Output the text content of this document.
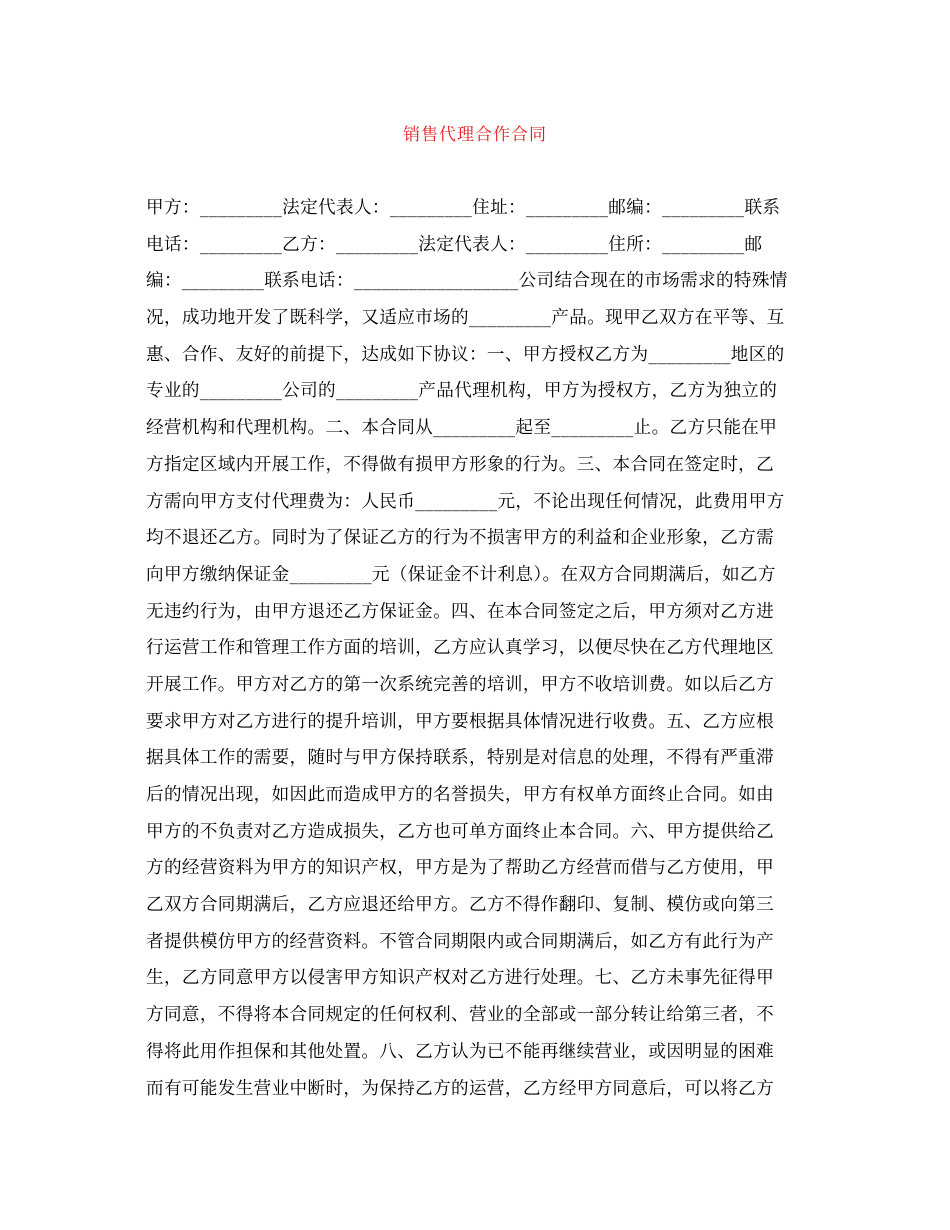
销售代理合作合同
甲方：_________法定代表人：_________住址：_________邮编：_________联系
电话：_________乙方：_________法定代表人：_________住所：_________邮
编：_________联系电话：__________________公司结合现在的市场需求的特殊情
况，成功地开发了既科学，又适应市场的_________产品。现甲乙双方在平等、互
惠、合作、友好的前提下，达成如下协议：一、甲方授权乙方为_________地区的
专业的_________公司的_________产品代理机构，甲方为授权方，乙方为独立的
经营机构和代理机构。二、本合同从_________起至_________止。乙方只能在甲
方指定区域内开展工作，不得做有损甲方形象的行为。三、本合同在签定时，乙
方需向甲方支付代理费为：人民币_________元，不论出现任何情况，此费用甲方
均不退还乙方。同时为了保证乙方的行为不损害甲方的利益和企业形象，乙方需
向甲方缴纳保证金_________元（保证金不计利息）。在双方合同期满后，如乙方
无违约行为，由甲方退还乙方保证金。四、在本合同签定之后，甲方须对乙方进
行运营工作和管理工作方面的培训，乙方应认真学习，以便尽快在乙方代理地区
开展工作。甲方对乙方的第一次系统完善的培训，甲方不收培训费。如以后乙方
要求甲方对乙方进行的提升培训，甲方要根据具体情况进行收费。五、乙方应根
据具体工作的需要，随时与甲方保持联系，特别是对信息的处理，不得有严重滞
后的情况出现，如因此而造成甲方的名誉损失，甲方有权单方面终止合同。如由
甲方的不负责对乙方造成损失，乙方也可单方面终止本合同。六、甲方提供给乙
方的经营资料为甲方的知识产权，甲方是为了帮助乙方经营而借与乙方使用，甲
乙双方合同期满后，乙方应退还给甲方。乙方不得作翻印、复制、模仿或向第三
者提供模仿甲方的经营资料。不管合同期限内或合同期满后，如乙方有此行为产
生，乙方同意甲方以侵害甲方知识产权对乙方进行处理。七、乙方未事先征得甲
方同意，不得将本合同规定的任何权利、营业的全部或一部分转让给第三者，不
得将此用作担保和其他处置。八、乙方认为已不能再继续营业，或因明显的困难
而有可能发生营业中断时，为保持乙方的运营，乙方经甲方同意后，可以将乙方
